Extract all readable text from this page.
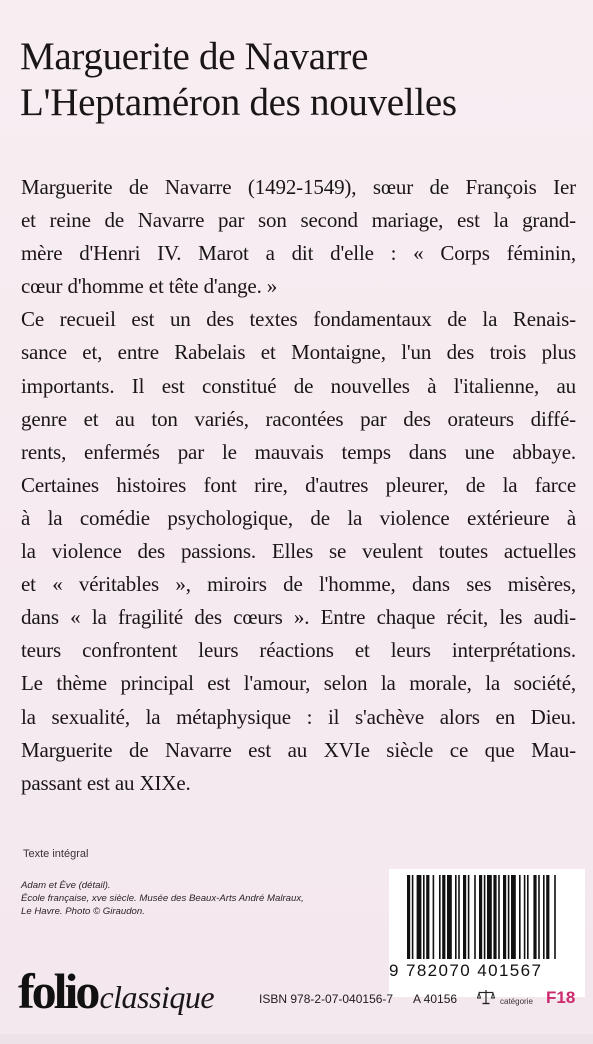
Marguerite de Navarre
L'Heptaméron des nouvelles
Marguerite de Navarre (1492-1549), sœur de François Ier
et reine de Navarre par son second mariage, est la grand-
mère d'Henri IV. Marot a dit d'elle : « Corps féminin,
cœur d'homme et tête d'ange. »
Ce recueil est un des textes fondamentaux de la Renais-
sance et, entre Rabelais et Montaigne, l'un des trois plus
importants. Il est constitué de nouvelles à l'italienne, au
genre et au ton variés, racontées par des orateurs diffé-
rents, enfermés par le mauvais temps dans une abbaye.
Certaines histoires font rire, d'autres pleurer, de la farce
à la comédie psychologique, de la violence extérieure à
la violence des passions. Elles se veulent toutes actuelles
et « véritables », miroirs de l'homme, dans ses misères,
dans « la fragilité des cœurs ». Entre chaque récit, les audi-
teurs confrontent leurs réactions et leurs interprétations.
Le thème principal est l'amour, selon la morale, la société,
la sexualité, la métaphysique : il s'achève alors en Dieu.
Marguerite de Navarre est au XVIe siècle ce que Mau-
passant est au XIXe.
Texte intégral
Adam et Ève (détail).
École française, xve siècle. Musée des Beaux-Arts André Malraux,
Le Havre. Photo © Giraudon.
9 782070 401567
folioclassique	ISBN 978-2-07-040156-7 A 40156	catégorie F18
